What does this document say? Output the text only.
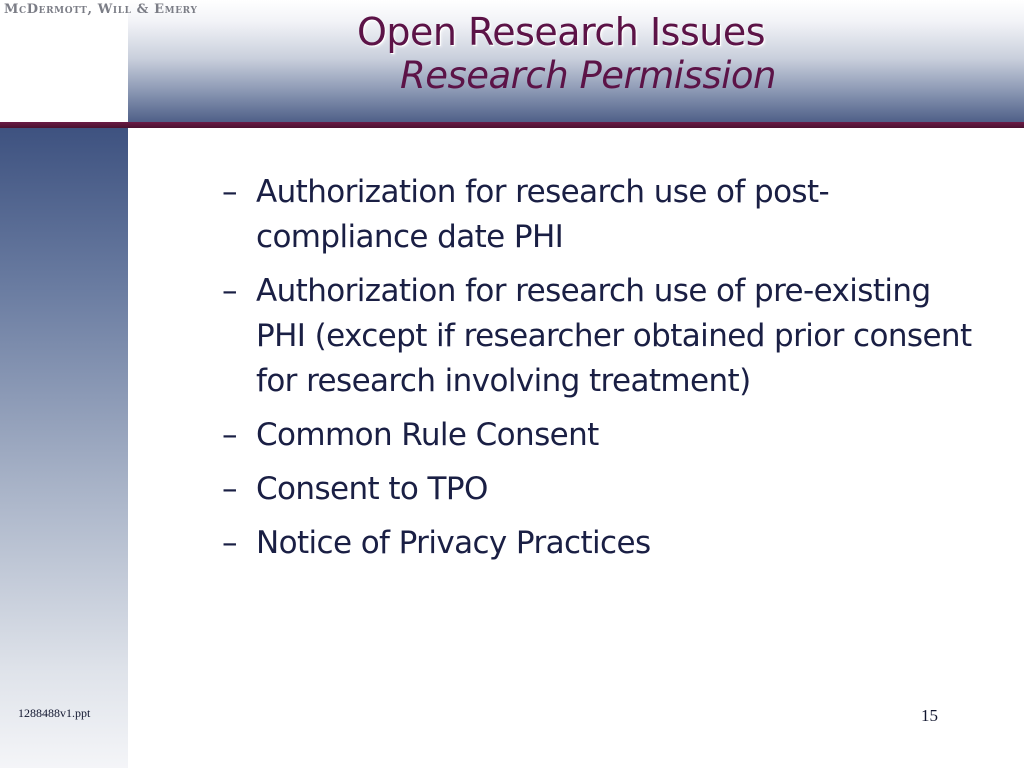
McDermott, Will & Emery

Open Research Issues

Research Permission

– Authorization for research use of post-compliance date PHI
– Authorization for research use of pre-existing PHI (except if researcher obtained prior consent for research involving treatment)
– Common Rule Consent
– Consent to TPO
– Notice of Privacy Practices
1288488v1.ppt	15
